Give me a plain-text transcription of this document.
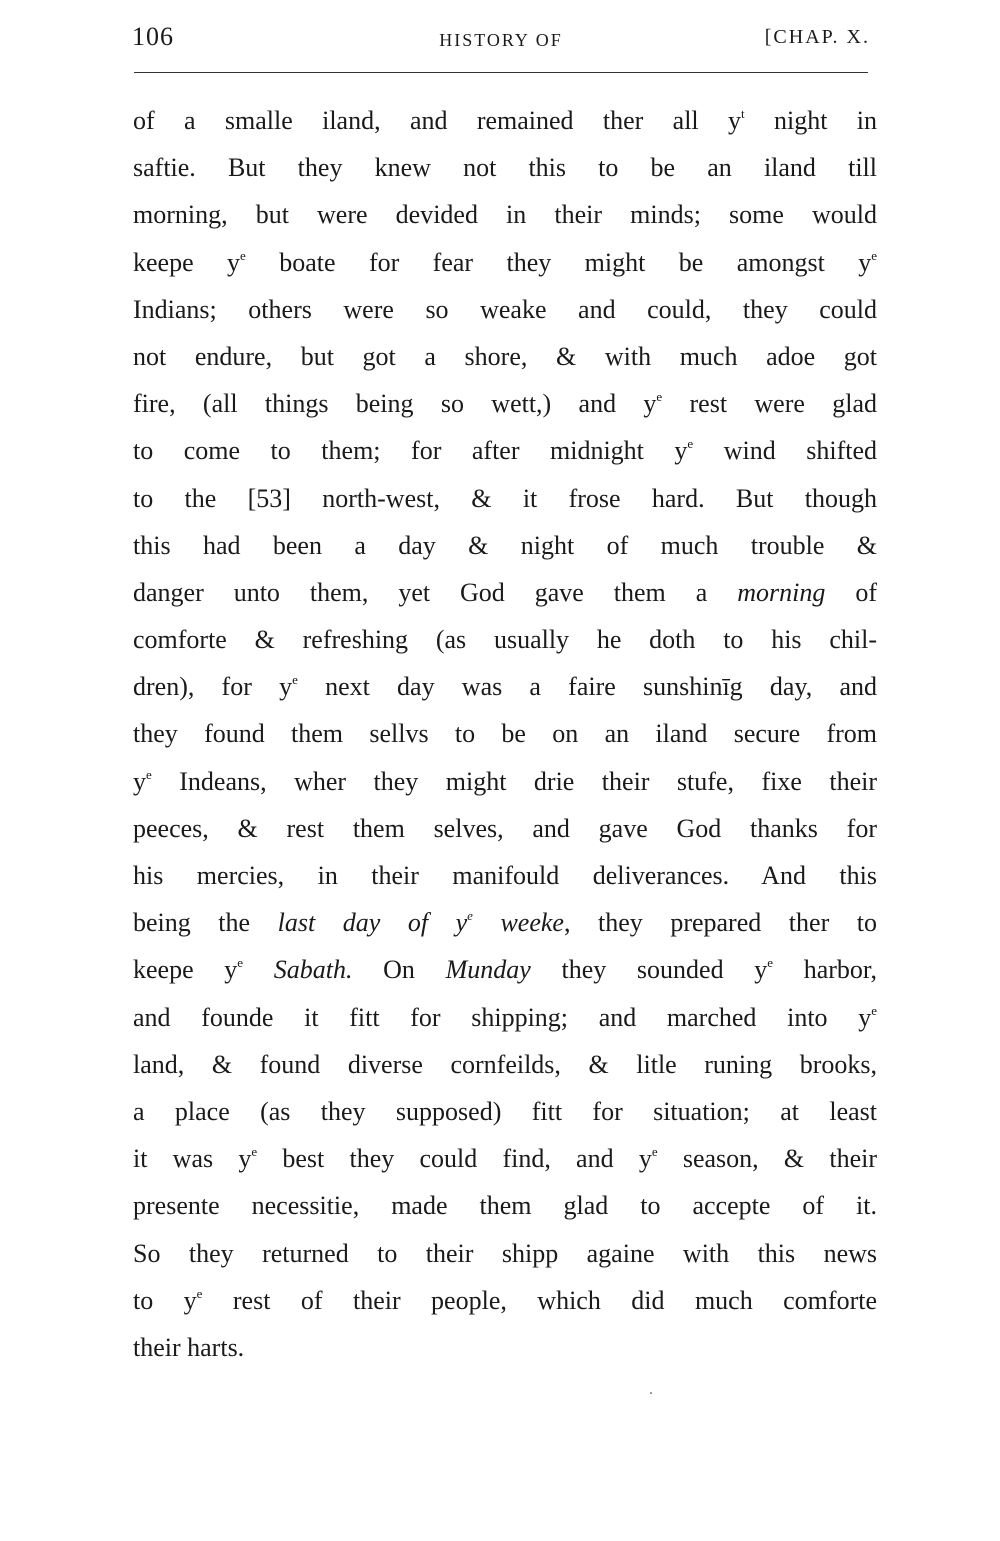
106	HISTORY OF	[CHAP. X.
of a smalle iland, and remained ther all $y^t$ night in
saftie. But they knew not this to be an iland till
morning, but were devided in their minds; some would
keepe $y^e$ boate for fear they might be amongst $y^e$
Indians; others were so weake and could, they could
not endure, but got a shore, & with much adoe got
fire, (all things being so wett,) and $y^e$ rest were glad
to come to them; for after midnight $y^e$ wind shifted
to the [53] north-west, & it frose hard. But though
this had been a day & night of much trouble &
danger unto them, yet God gave them a morning of
comforte & refreshing (as usually he doth to his chil-
dren), for $y^e$ next day was a faire sunshinīg day, and
they found them sellvs to be on an iland secure from
$y^e$ Indeans, wher they might drie their stufe, fixe their
peeces, & rest them selves, and gave God thanks for
his mercies, in their manifould deliverances. And this
being the last day of $y^e$ weeke, they prepared ther to
keepe $y^e$ Sabath. On Munday they sounded $y^e$ harbor,
and founde it fitt for shipping; and marched into $y^e$
land, & found diverse cornfeilds, & litle runing brooks,
a place (as they supposed) fitt for situation; at least
it was $y^e$ best they could find, and $y^e$ season, & their
presente necessitie, made them glad to accepte of it.
So they returned to their shipp againe with this news
to $y^e$ rest of their people, which did much comforte
their harts.
